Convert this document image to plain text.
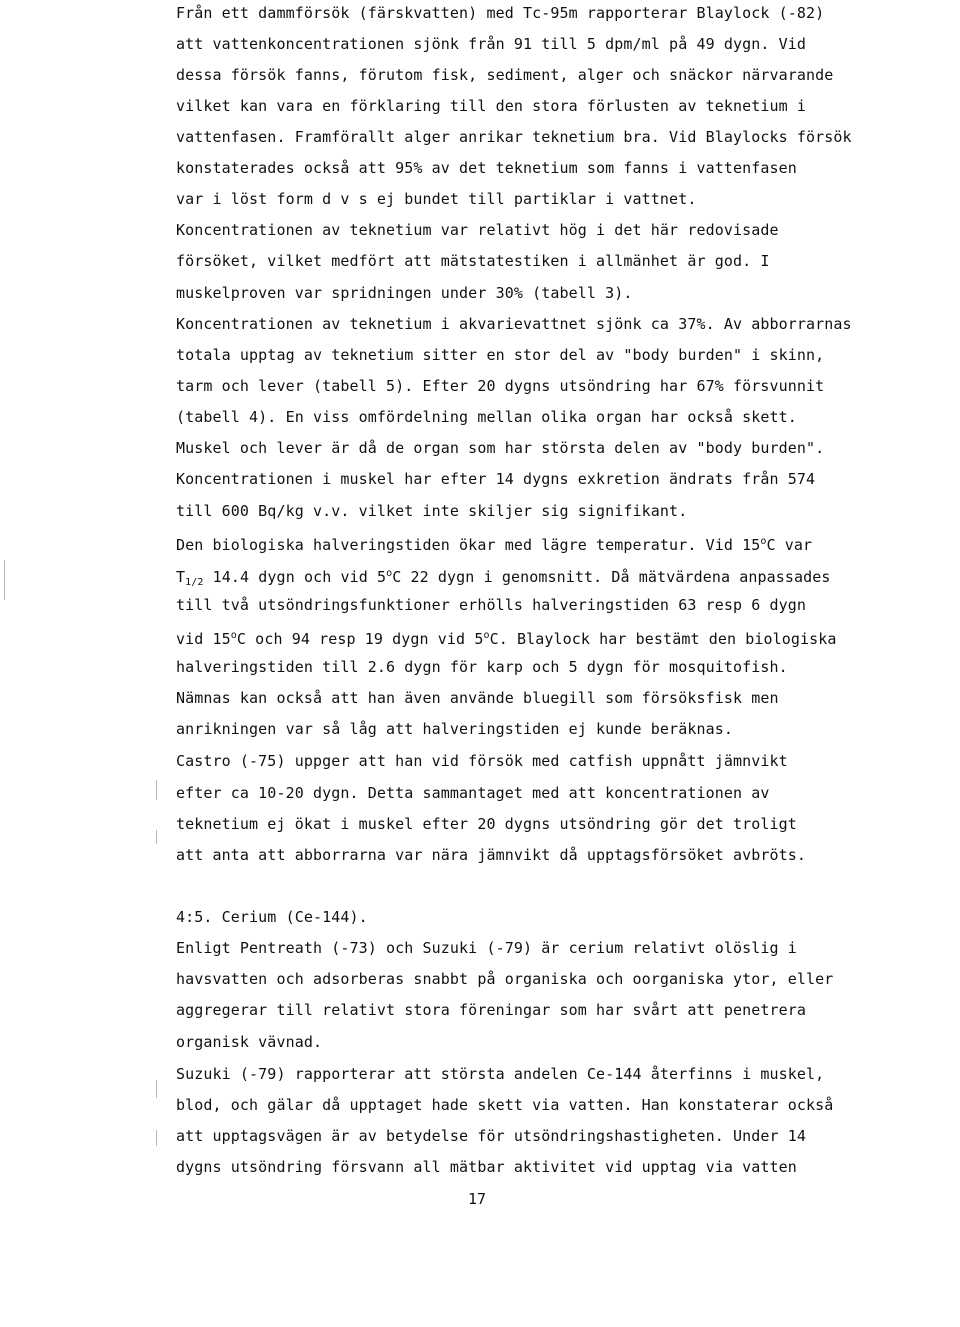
Från ett dammförsök (färskvatten) med Tc-95m rapporterar Blaylock (-82)
att vattenkoncentrationen sjönk från 91 till 5 dpm/ml på 49 dygn. Vid
dessa försök fanns, förutom fisk, sediment, alger och snäckor närvarande
vilket kan vara en förklaring till den stora förlusten av teknetium i
vattenfasen. Framförallt alger anrikar teknetium bra. Vid Blaylocks försök
konstaterades också att 95% av det teknetium som fanns i vattenfasen
var i löst form d v s ej bundet till partiklar i vattnet.
Koncentrationen av teknetium var relativt hög i det här redovisade
försöket, vilket medfört att mätstatestiken i allmänhet är god. I
muskelproven var spridningen under 30% (tabell 3).
Koncentrationen av teknetium i akvarievattnet sjönk ca 37%. Av abborrarnas
totala upptag av teknetium sitter en stor del av "body burden" i skinn,
tarm och lever (tabell 5). Efter 20 dygns utsöndring har 67% försvunnit
(tabell 4). En viss omfördelning mellan olika organ har också skett.
Muskel och lever är då de organ som har största delen av "body burden".
Koncentrationen i muskel har efter 14 dygns exkretion ändrats från 574
till 600 Bq/kg v.v. vilket inte skiljer sig signifikant.
Den biologiska halveringstiden ökar med lägre temperatur. Vid 15$^o$C var
$T_{1/2}$ 14.4 dygn och vid 5$^o$C 22 dygn i genomsnitt. Då mätvärdena anpassades
till två utsöndringsfunktioner erhölls halveringstiden 63 resp 6 dygn
vid 15$^o$C och 94 resp 19 dygn vid 5$^o$C. Blaylock har bestämt den biologiska
halveringstiden till 2.6 dygn för karp och 5 dygn för mosquitofish.
Nämnas kan också att han även använde bluegill som försöksfisk men
anrikningen var så låg att halveringstiden ej kunde beräknas.
Castro (-75) uppger att han vid försök med catfish uppnått jämnvikt
efter ca 10-20 dygn. Detta sammantaget med att koncentrationen av
teknetium ej ökat i muskel efter 20 dygns utsöndring gör det troligt
att anta att abborrarna var nära jämnvikt då upptagsförsöket avbröts.
4:5. Cerium (Ce-144).
Enligt Pentreath (-73) och Suzuki (-79) är cerium relativt olöslig i
havsvatten och adsorberas snabbt på organiska och oorganiska ytor, eller
aggregerar till relativt stora föreningar som har svårt att penetrera
organisk vävnad.
Suzuki (-79) rapporterar att största andelen Ce-144 återfinns i muskel,
blod, och gälar då upptaget hade skett via vatten. Han konstaterar också
att upptagsvägen är av betydelse för utsöndringshastigheten. Under 14
dygns utsöndring försvann all mätbar aktivitet vid upptag via vatten
17
